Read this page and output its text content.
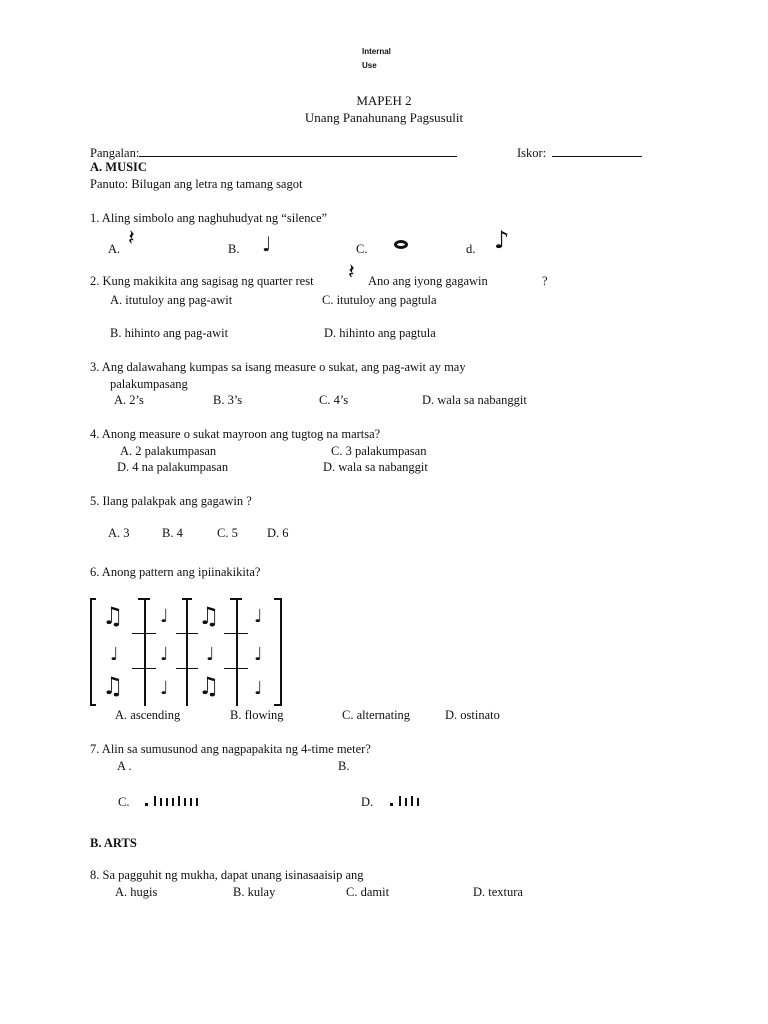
Internal
Use
MAPEH 2
Unang Panahunang Pagsusulit
Pangalan:	Iskor:
A. MUSIC
Panuto: Bilugan ang letra ng tamang sagot
1. Aling simbolo ang naghuhudyat ng “silence”
A. 𝄽	B. ♩	C.	d. ♪
2. Kung makikita ang sagisag ng quarter rest 𝄽 Ano ang iyong gagawin	?
A. itutuloy ang pag-awit	C. itutuloy ang pagtula
B. hihinto ang pag-awit	D. hihinto ang pagtula
3. Ang dalawahang kumpas sa isang measure o sukat, ang pag-awit ay may
palakumpasang
A. 2’s	B. 3’s	C. 4’s	D. wala sa nabanggit
4. Anong measure o sukat mayroon ang tugtog na martsa?
A. 2 palakumpasan	C. 3 palakumpasan
D. 4 na palakumpasan	D. wala sa nabanggit
5. Ilang palakpak ang gagawin ?
A. 3	B. 4	C. 5 D. 6
6. Anong pattern ang ipiinakikita?
♫ ♩ ♫ ♩
♩ ♩ ♩ ♩
♫ ♩ ♫ ♩
A. ascending	B. flowing	C. alternating	D. ostinato
7. Alin sa sumusunod ang nagpapakita ng 4-time meter?
A .	B.
C.	D.
B. ARTS
8. Sa pagguhit ng mukha, dapat unang isinasaaisip ang
A. hugis	B. kulay	C. damit	D. textura
